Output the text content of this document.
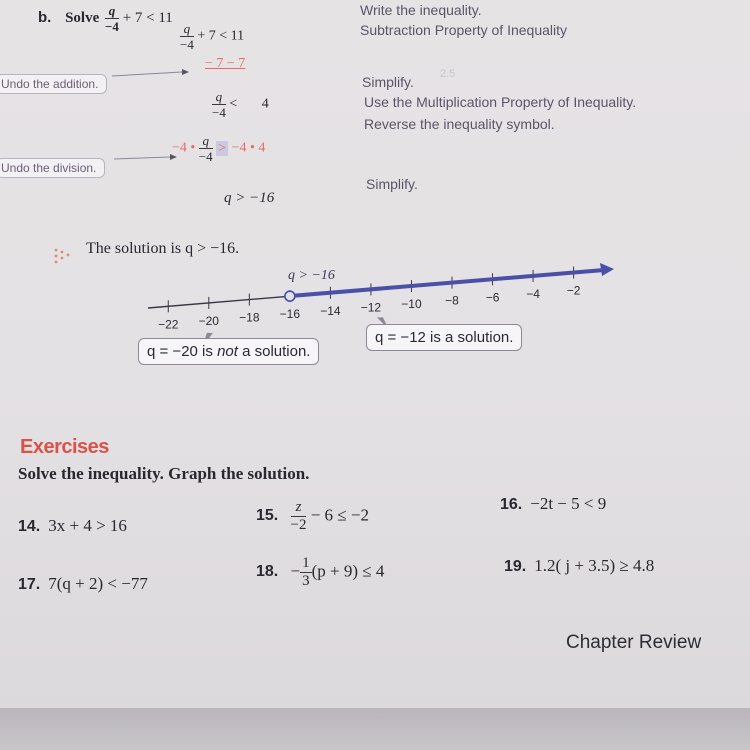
b. Solve $\frac{q}{-4} + 7 < 11$
$\frac{q}{-4} + 7 < 11$
Write the inequality.
Subtraction Property of Inequality
Undo the addition.
− 7 − 7
$\frac{q}{-4}$ <       4
Simplify. 2.5
Undo the division.
−4 • $\frac{q}{-4} > -4$ • 4
Use the Multiplication Property of Inequality.
Reverse the inequality symbol.
q > −16
Simplify.
The solution is q > −16.
−22 −20 −18 −16 −14 −12 −10 −8 −6 −4 −2
q > −16
q = −20 is not a solution.
q = −12 is a solution.
Exercises
Solve the inequality. Graph the solution.
14. 3x + 4 > 16
15. $\frac{z}{-2} - 6 \le -2$
16. −2t − 5 < 9
17. 7(q + 2) < −77
18. − $\frac{1}{3} (p + 9) \le 4$	19. 1.2( j + 3.5) ≥ 4.8
Chapter Review
